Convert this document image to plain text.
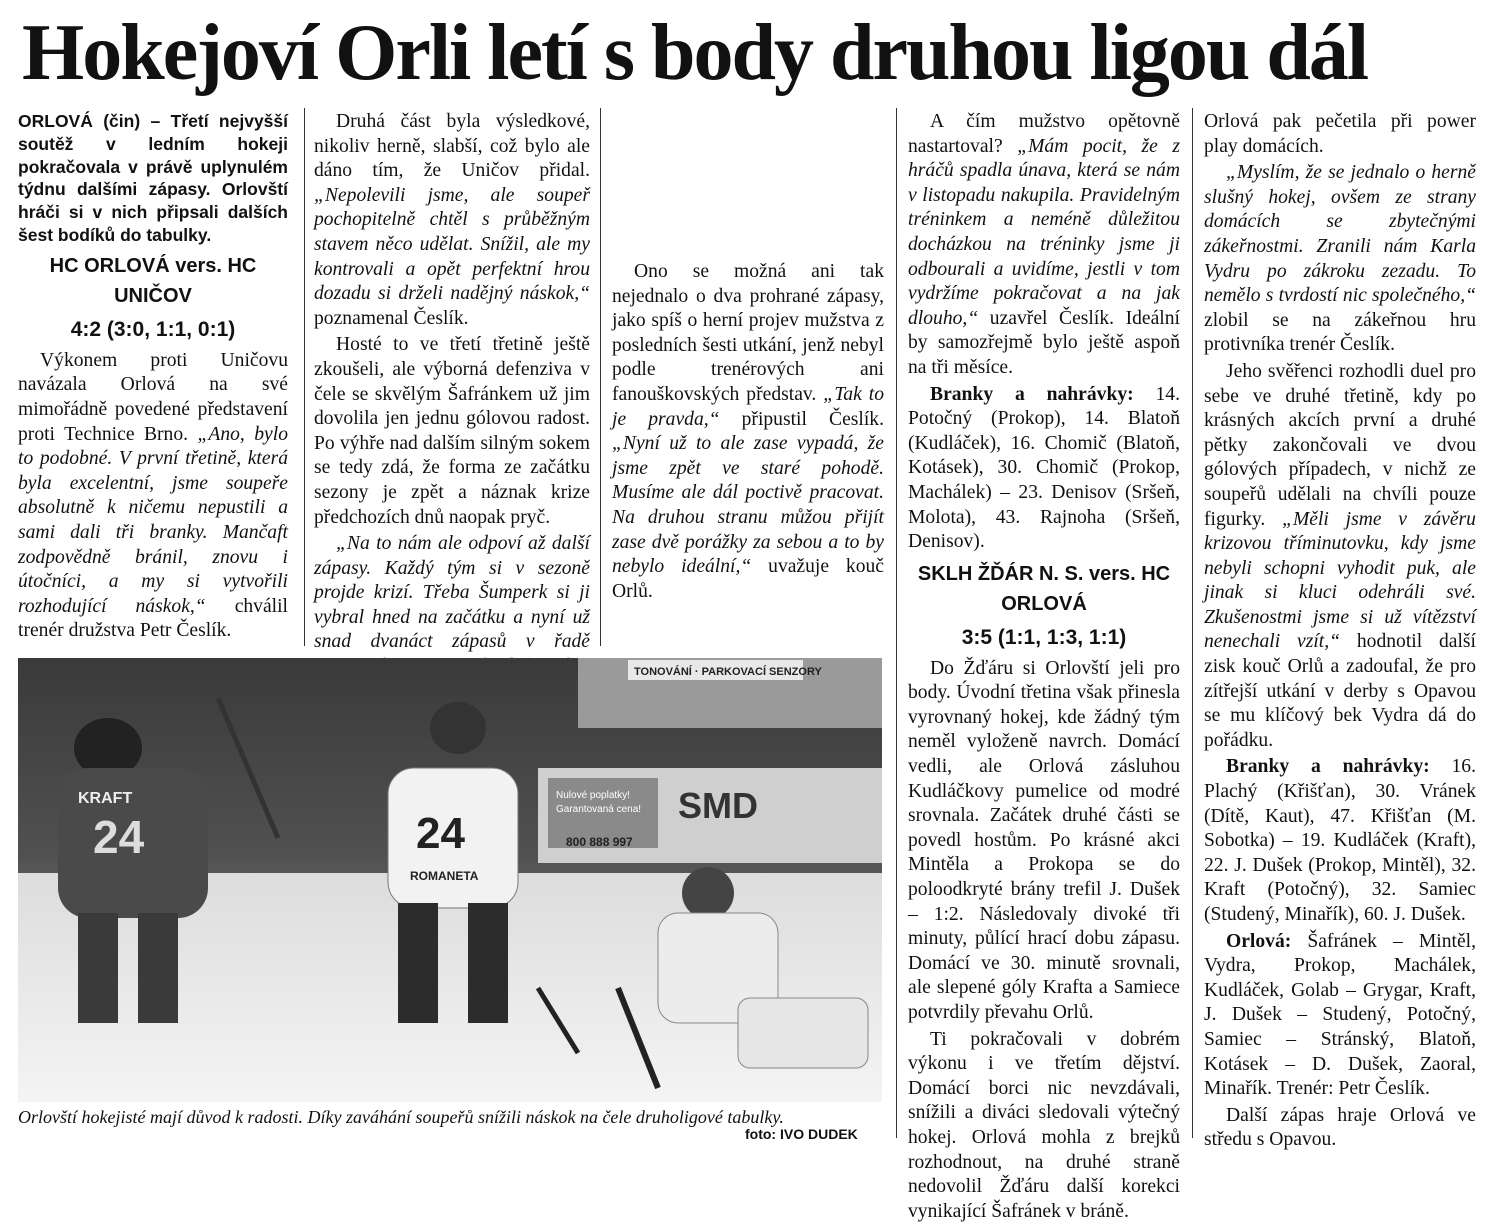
Hokejoví Orli letí s body druhou ligou dál

ORLOVÁ (čin) – Třetí nejvyšší soutěž v ledním hokeji pokračovala v právě uplynulém týdnu dalšími zápasy. Orlovští hráči si v nich připsali dalších šest bodíků do tabulky.

HC ORLOVÁ vers. HC UNIČOV
4:2 (3:0, 1:1, 0:1)

Výkonem proti Uničovu navázala Orlová na své mimořádně povedené představení proti Technice Brno. „Ano, bylo to podobné. V první třetině, která byla excelentní, jsme soupeře absolutně k ničemu nepustili a sami dali tři branky. Mančaft zodpovědně bránil, znovu i útočníci, a my si vytvořili rozhodující náskok,“ chválil trenér družstva Petr Česlík.

Druhá část byla výsledkové, nikoliv herně, slabší, což bylo ale dáno tím, že Uničov přidal. „Nepolevili jsme, ale soupeř pochopitelně chtěl s průběžným stavem něco udělat. Snížil, ale my kontrovali a opět perfektní hrou dozadu si drželi nadějný náskok,“ poznamenal Česlík.

Hosté to ve třetí třetině ještě zkoušeli, ale výborná defenziva v čele se skvělým Šafránkem už jim dovolila jen jednu gólovou radost. Po výhře nad dalším silným sokem se tedy zdá, že forma ze začátku sezony je zpět a náznak krize předchozích dnů naopak pryč.

„Na to nám ale odpoví až další zápasy. Každý tým si v sezoně projde krizí. Třeba Šumperk si ji vybral hned na začátku a nyní už snad dvanáct zápasů v řadě

Ono se možná ani tak nejednalo o dva prohrané zápasy, jako spíš o herní projev mužstva z posledních šesti utkání, jenž nebyl podle trenérových ani fanouškovských představ. „Tak to je pravda,“ připustil Česlík. „Nyní už to ale zase vypadá, že jsme zpět ve staré pohodě. Musíme ale dál poctivě pracovat. Na druhou stranu můžou přijít zase dvě porážky za sebou a to by nebylo ideální,“ uvažuje kouč Orlů.

A čím mužstvo opětovně nastartoval? „Mám pocit, že z hráčů spadla únava, která se nám v listopadu nakupila. Pravidelným tréninkem a neméně důležitou docházkou na tréninky jsme ji odbourali a uvidíme, jestli v tom vydržíme pokračovat a na jak dlouho,“ uzavřel Česlík. Ideální by samozřejmě bylo ještě aspoň na tři měsíce.

Branky a nahrávky: 14. Potočný (Prokop), 14. Blatoň (Kudláček), 16. Chomič (Blatoň, Kotásek), 30. Chomič (Prokop, Machálek) – 23. Denisov (Sršeň, Molota), 43. Rajnoha (Sršeň, Denisov).

SKLH ŽĎÁR N. S. vers. HC ORLOVÁ
3:5 (1:1, 1:3, 1:1)

Do Žďáru si Orlovští jeli pro body. Úvodní třetina však přinesla vyrovnaný hokej, kde žádný tým neměl vyloženě navrch. Domácí vedli, ale Orlová zásluhou Kudláčkovy pumelice od modré srovnala. Začátek druhé části se povedl hostům. Po krásné akci Mintěla a Prokopa se do poloodkryté brány trefil J. Dušek – 1:2. Následovaly divoké tři minuty, půlící hrací dobu zápasu. Domácí ve 30. minutě srovnali, ale slepené góly Krafta a Samiece potvrdily převahu Orlů.

Ti pokračovali v dobrém výkonu i ve třetím dějství. Domácí borci nic nevzdávali, snížili a diváci sledovali výtečný hokej. Orlová mohla z brejků rozhodnout, na druhé straně nedovolil Žďáru další korekci vynikající Šafránek v bráně.

Orlová pak pečetila při power play domácích.

„Myslím, že se jednalo o herně slušný hokej, ovšem ze strany domácích se zbytečnými zákeřnostmi. Zranili nám Karla Vydru po zákroku zezadu. To nemělo s tvrdostí nic společného,“ zlobil se na zákeřnou hru protivníka trenér Česlík.

Jeho svěřenci rozhodli duel pro sebe ve druhé třetině, kdy po krásných akcích první a druhé pětky zakončovali ve dvou gólových případech, v nichž ze soupeřů udělali na chvíli pouze figurky. „Měli jsme v závěru krizovou tříminutovku, kdy jsme nebyli schopni vyhodit puk, ale jinak si kluci odehráli své. Zkušenostmi jsme si už vítězství nenechali vzít,“ hodnotil další zisk kouč Orlů a zadoufal, že pro zítřejší utkání v derby s Opavou se mu klíčový bek Vydra dá do pořádku.

Branky a nahrávky: 16. Plachý (Křišťan), 30. Vránek (Dítě, Kaut), 47. Křišťan (M. Sobotka) – 19. Kudláček (Kraft), 22. J. Dušek (Prokop, Mintěl), 32. Kraft (Potočný), 32. Samiec (Studený, Minařík), 60. J. Dušek.

Orlová: Šafránek – Mintěl, Vydra, Prokop, Machálek, Kudláček, Golab – Grygar, Kraft, J. Dušek – Studený, Potočný, Samiec – Stránský, Blatoň, Kotásek – D. Dušek, Zaoral, Minařík. Trenér: Petr Česlík.

Další zápas hraje Orlová ve středu s Opavou.

TONOVÁNÍ · PARKOVACÍ SENZORY
Nulové poplatky!
Garantovaná cena!
800 888 997
SMD
KRAFT
24	24
ROMANETA
Orlovští hokejisté mají důvod k radosti. Díky zaváhání soupeřů snížili náskok na čele druholigové tabulky.
foto: IVO DUDEK
